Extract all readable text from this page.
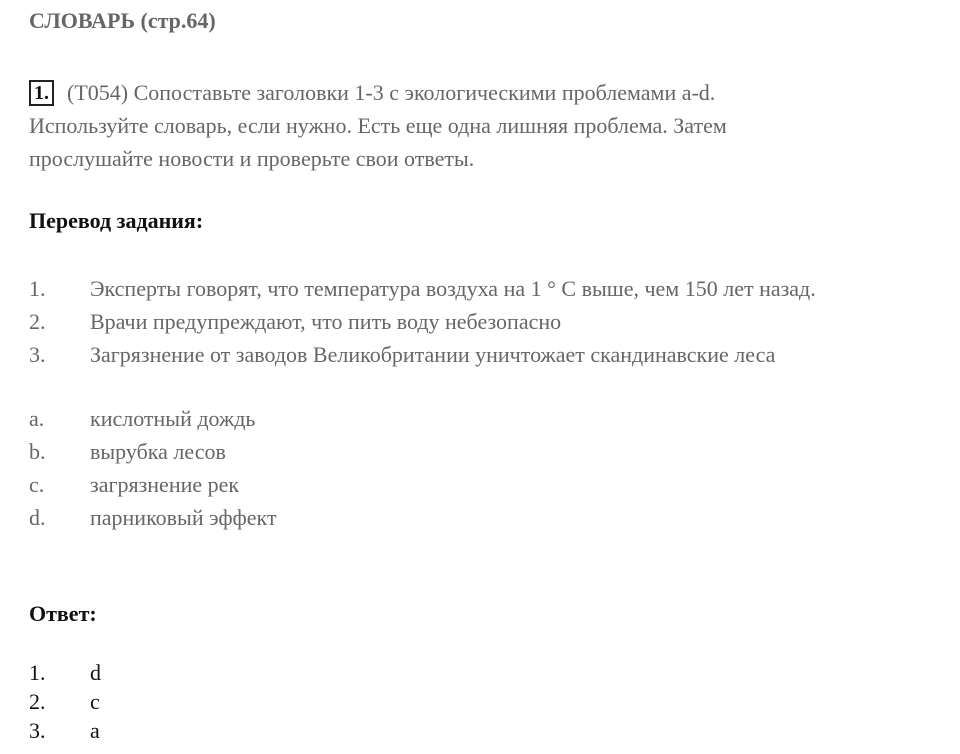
СЛОВАРЬ (стр.64)
1. (T054) Сопоставьте заголовки 1-3 с экологическими проблемами a-d.
Используйте словарь, если нужно. Есть еще одна лишняя проблема. Затем
прослушайте новости и проверьте свои ответы.
Перевод задания:
1. Эксперты говорят, что температура воздуха на 1 ° С выше, чем 150 лет назад.
2. Врачи предупреждают, что пить воду небезопасно
3. Загрязнение от заводов Великобритании уничтожает скандинавские леса
a. кислотный дождь
b. вырубка лесов
c. загрязнение рек
d. парниковый эффект
Ответ:
1. d
2. c
3. a
